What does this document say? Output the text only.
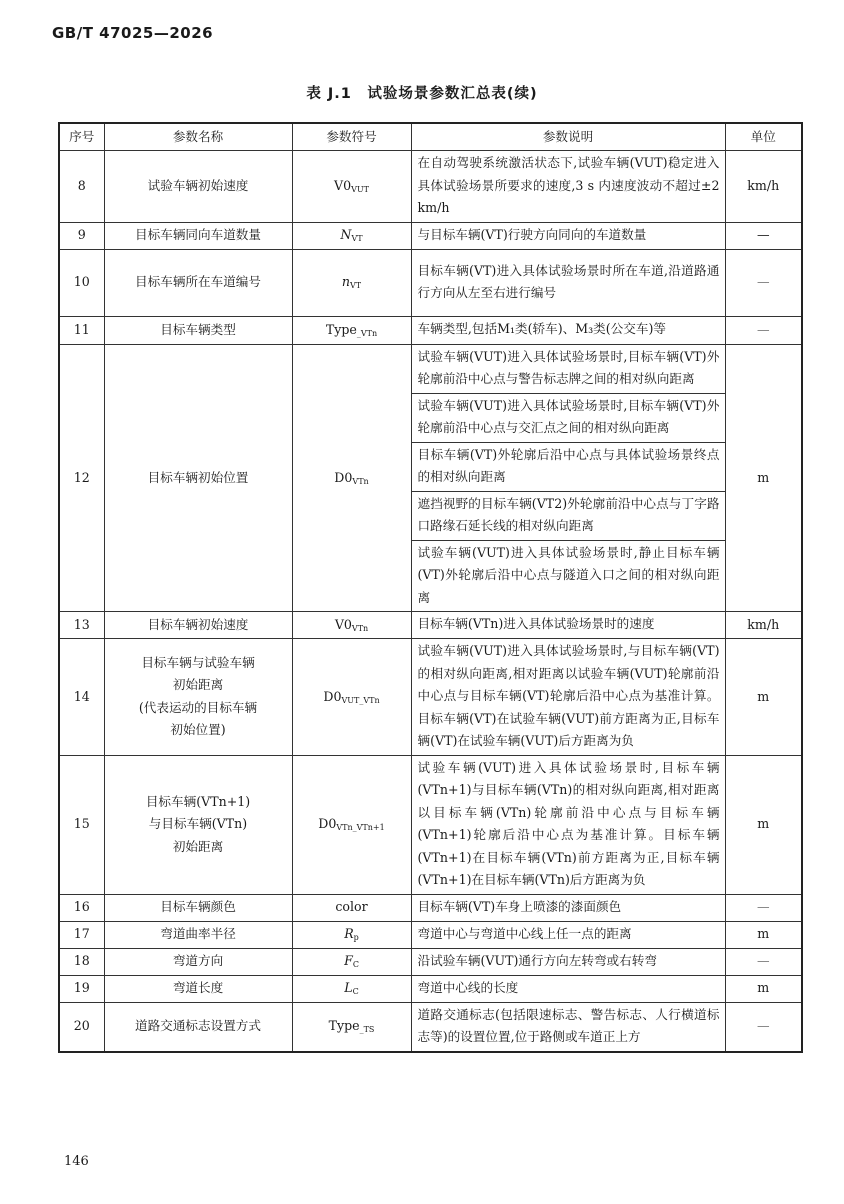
GB/T 47025—2026
表 J.1　试验场景参数汇总表(续)
序号	参数名称	参数符号	参数说明	单位
8	试验车辆初始速度	$V0_{VUT}$	在自动驾驶系统激活状态下,试验车辆(VUT)稳定进入具体试验场景所要求的速度,3 s 内速度波动不超过±2 km/h	km/h
9	目标车辆同向车道数量	$N_{VT}$	与目标车辆(VT)行驶方向同向的车道数量	—
10	目标车辆所在车道编号	$n_{VT}$	目标车辆(VT)进入具体试验场景时所在车道,沿道路通行方向从左至右进行编号	—
11	目标车辆类型	Type$_{\_VTn}$	车辆类型,包括M₁类(轿车)、M₃类(公交车)等	—
12	目标车辆初始位置	$D0_{VTn}$	试验车辆(VUT)进入具体试验场景时,目标车辆(VT)外轮廓前沿中心点与警告标志牌之间的相对纵向距离
试验车辆(VUT)进入具体试验场景时,目标车辆(VT)外轮廓前沿中心点与交汇点之间的相对纵向距离
目标车辆(VT)外轮廓后沿中心点与具体试验场景终点的相对纵向距离
遮挡视野的目标车辆(VT2)外轮廓前沿中心点与丁字路口路缘石延长线的相对纵向距离
试验车辆(VUT)进入具体试验场景时,静止目标车辆(VT)外轮廓后沿中心点与隧道入口之间的相对纵向距离	m
13	目标车辆初始速度	$V0_{VTn}$	目标车辆(VTn)进入具体试验场景时的速度	km/h
14	目标车辆与试验车辆
初始距离
(代表运动的目标车辆
初始位置)	$D0_{VUT\_VTn}$	试验车辆(VUT)进入具体试验场景时,与目标车辆(VT)的相对纵向距离,相对距离以试验车辆(VUT)轮廓前沿中心点与目标车辆(VT)轮廓后沿中心点为基准计算。目标车辆(VT)在试验车辆(VUT)前方距离为正,目标车辆(VT)在试验车辆(VUT)后方距离为负	m
15	目标车辆(VTn+1)
与目标车辆(VTn)
初始距离	$D0_{VTn\_VTn+1}$	试验车辆(VUT)进入具体试验场景时,目标车辆(VTn+1)与目标车辆(VTn)的相对纵向距离,相对距离以目标车辆(VTn)轮廓前沿中心点与目标车辆(VTn+1)轮廓后沿中心点为基准计算。目标车辆(VTn+1)在目标车辆(VTn)前方距离为正,目标车辆(VTn+1)在目标车辆(VTn)后方距离为负	m
16	目标车辆颜色	color	目标车辆(VT)车身上喷漆的漆面颜色	—
17	弯道曲率半径	$R_p$	弯道中心与弯道中心线上任一点的距离	m
18	弯道方向	$F_C$	沿试验车辆(VUT)通行方向左转弯或右转弯	—
19	弯道长度	$L_C$	弯道中心线的长度	m
20	道路交通标志设置方式	Type$_{\_TS}$	道路交通标志(包括限速标志、警告标志、人行横道标志等)的设置位置,位于路侧或车道正上方	—
146
